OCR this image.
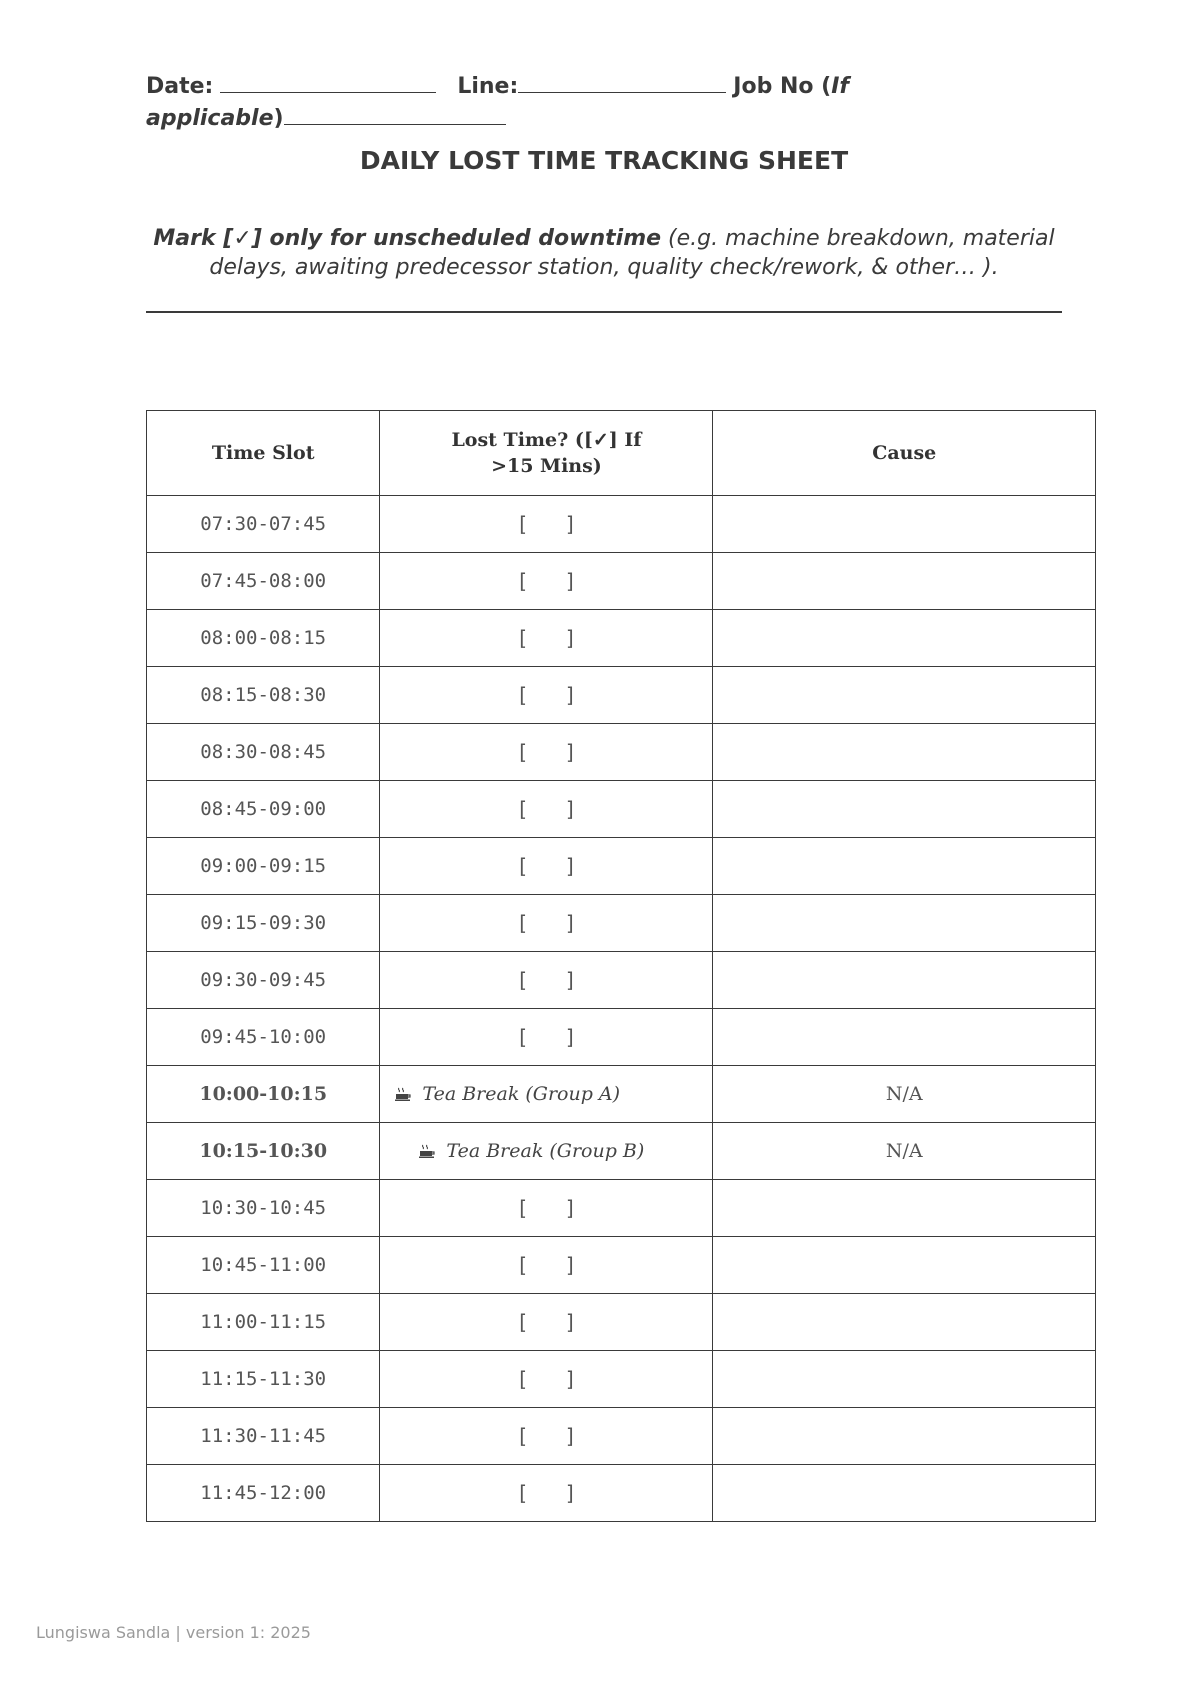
Date:	Line:	Job No (If
applicable)
DAILY LOST TIME TRACKING SHEET
Mark [✓] only for unscheduled downtime (e.g. machine breakdown, material delays, awaiting predecessor station, quality check/rework, & other… ).
Time Slot	Lost Time? ([✓] If >15 Mins)	Cause
07:30-07:45	[   ]	
07:45-08:00	[   ]	
08:00-08:15	[   ]	
08:15-08:30	[   ]	
08:30-08:45	[   ]	
08:45-09:00	[   ]	
09:00-09:15	[   ]	
09:15-09:30	[   ]	
09:30-09:45	[   ]	
09:45-10:00	[   ]	
10:00-10:15	Tea Break (Group A)	N/A
10:15-10:30	Tea Break (Group B)	N/A
10:30-10:45	[   ]	
10:45-11:00	[   ]	
11:00-11:15	[   ]	
11:15-11:30	[   ]	
11:30-11:45	[   ]	
11:45-12:00	[   ]	
Lungiswa Sandla | version 1: 2025
